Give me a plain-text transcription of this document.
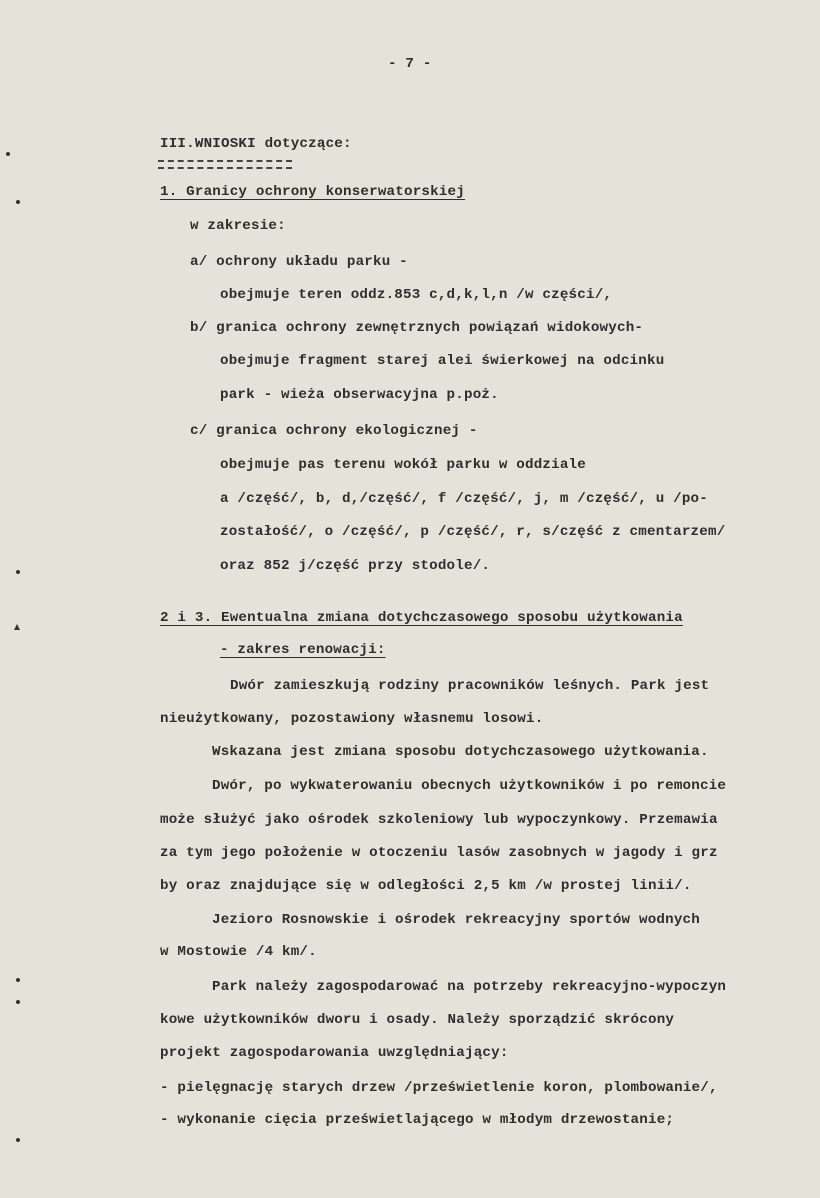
- 7 -
III.WNIOSKI dotyczące:
1. Granicy ochrony konserwatorskiej
w zakresie:
a/ ochrony układu parku -
obejmuje teren oddz.853 c,d,k,l,n /w części/,
b/ granica ochrony zewnętrznych powiązań widokowych-
obejmuje fragment starej alei świerkowej na odcinku
park - wieża obserwacyjna p.poż.
c/ granica ochrony ekologicznej -
obejmuje pas terenu wokół parku w oddziale
a /część/, b, d,/część/, f /część/, j, m /część/, u /po-
zostałość/, o /część/, p /część/, r, s/część z cmentarzem/
oraz 852 j/część przy stodole/.
2 i 3. Ewentualna zmiana dotychczasowego sposobu użytkowania
- zakres renowacji:
Dwór zamieszkują rodziny pracowników leśnych. Park jest
nieużytkowany, pozostawiony własnemu losowi.
Wskazana jest zmiana sposobu dotychczasowego użytkowania.
Dwór, po wykwaterowaniu obecnych użytkowników i po remoncie
może służyć jako ośrodek szkoleniowy lub wypoczynkowy. Przemawia
za tym jego położenie w otoczeniu lasów zasobnych w jagody i grz
by oraz znajdujące się w odległości 2,5 km /w prostej linii/.
Jezioro Rosnowskie i ośrodek rekreacyjny sportów wodnych
w Mostowie /4 km/.
Park należy zagospodarować na potrzeby rekreacyjno-wypoczyn
kowe użytkowników dworu i osady. Należy sporządzić skrócony
projekt zagospodarowania uwzględniający:
- pielęgnację starych drzew /prześwietlenie koron, plombowanie/,
- wykonanie cięcia prześwietlającego w młodym drzewostanie;
